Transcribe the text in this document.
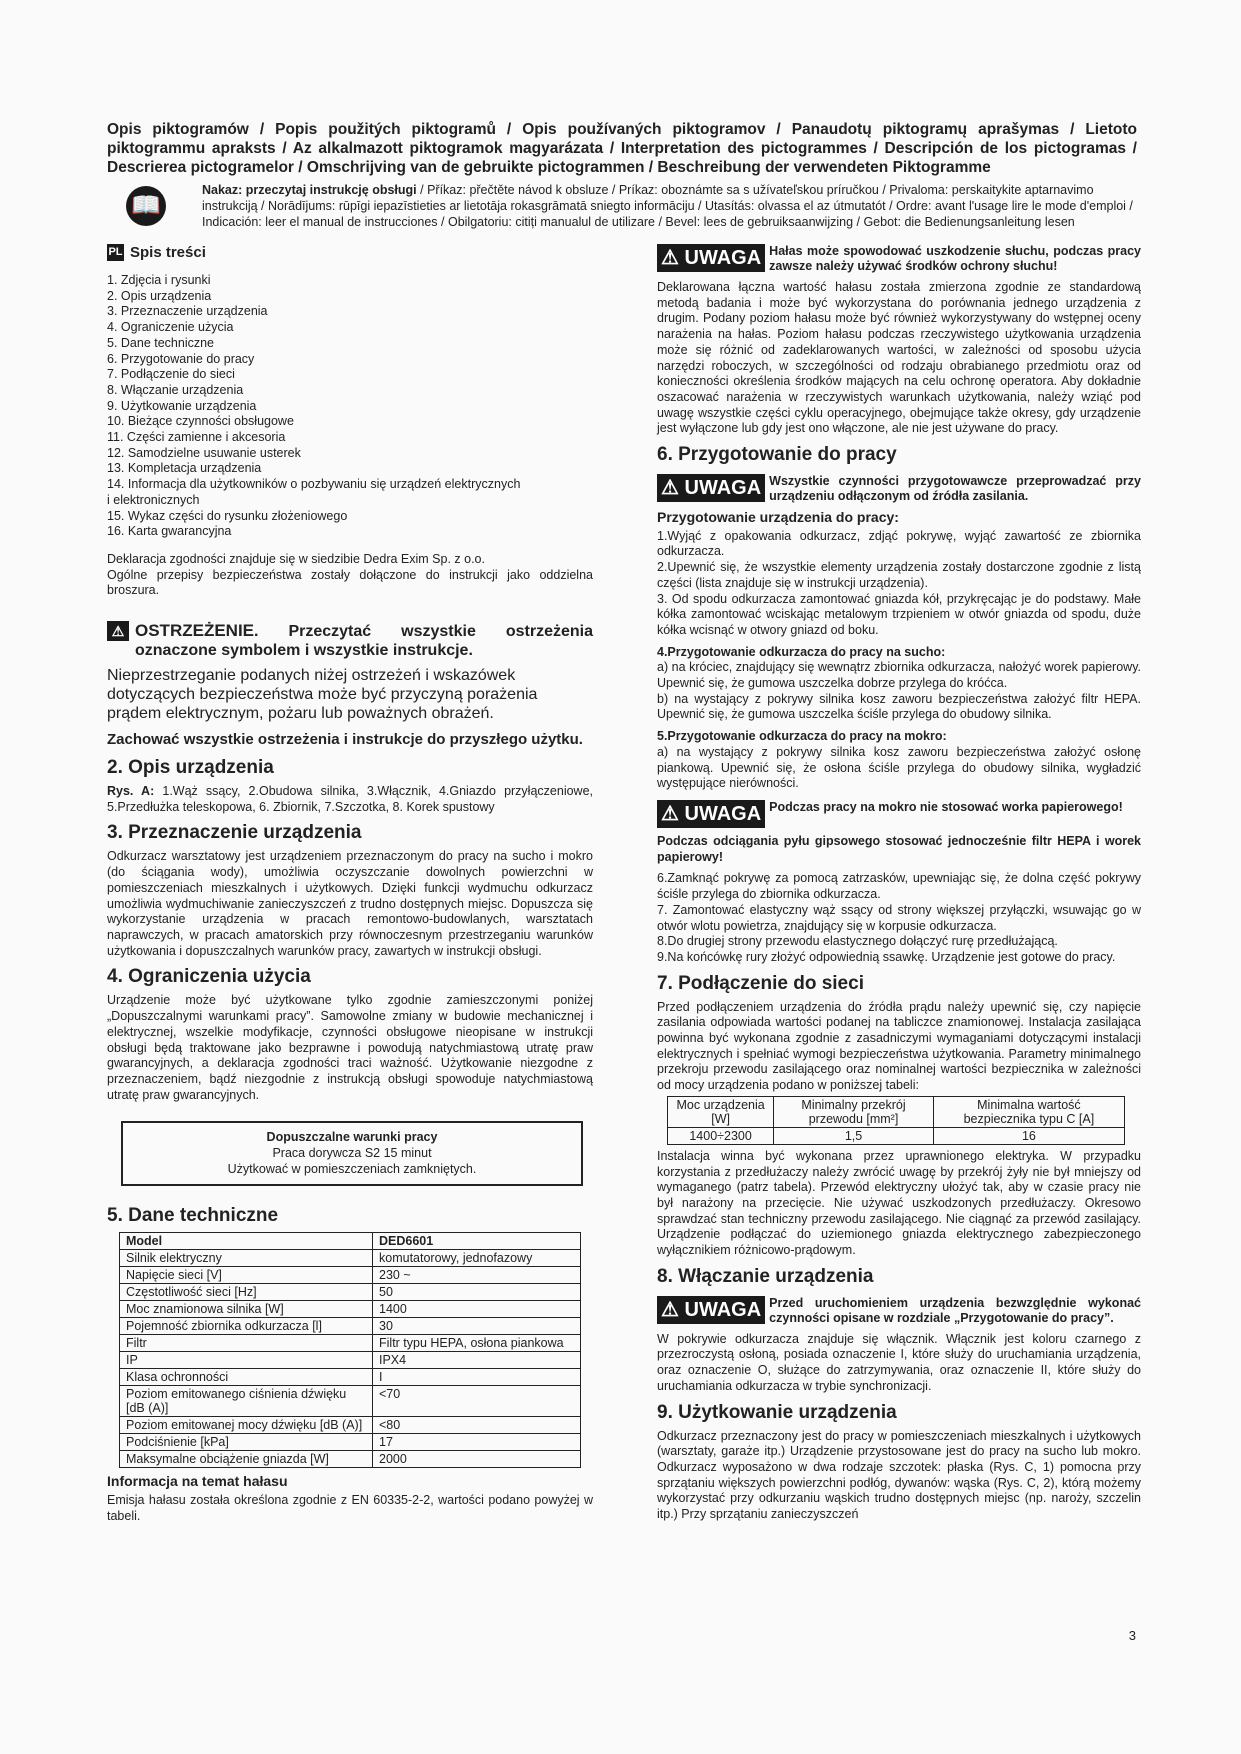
Opis piktogramów / Popis použitých piktogramů / Opis používaných piktogramov / Panaudotų piktogramų aprašymas / Lietoto piktogrammu apraksts / Az alkalmazott piktogramok magyarázata / Interpretation des pictogrammes / Descripción de los pictogramas / Descrierea pictogramelor / Omschrijving van de gebruikte pictogrammen / Beschreibung der verwendeten Piktogramme
📖
Nakaz: przeczytaj instrukcję obsługi / Příkaz: přečtěte návod k obsluze / Príkaz: oboznámte sa s užívateľskou príručkou / Privaloma: perskaitykite aptarnavimo instrukciją / Norādījums: rūpīgi iepazīstieties ar lietotāja rokasgrāmatā sniegto informāciju / Utasítás: olvassa el az útmutatót / Ordre: avant l'usage lire le mode d'emploi / Indicación: leer el manual de instrucciones / Obilgatoriu: citiți manualul de utilizare / Bevel: lees de gebruiksaanwijzing / Gebot: die Bedienungsanleitung lesen
PL Spis treści
1. Zdjęcia i rysunki
2. Opis urządzenia
3. Przeznaczenie urządzenia
4. Ograniczenie użycia
5. Dane techniczne
6. Przygotowanie do pracy
7. Podłączenie do sieci
8. Włączanie urządzenia
9. Użytkowanie urządzenia
10. Bieżące czynności obsługowe
11. Części zamienne i akcesoria
12. Samodzielne usuwanie usterek
13. Kompletacja urządzenia
14. Informacja dla użytkowników o pozbywaniu się urządzeń elektrycznych
i elektronicznych
15. Wykaz części do rysunku złożeniowego
16. Karta gwarancyjna

Deklaracja zgodności znajduje się w siedzibie Dedra Exim Sp. z o.o.

Ogólne przepisy bezpieczeństwa zostały dołączone do instrukcji jako oddzielna broszura.

⚠ OSTRZEŻENIE. Przeczytać wszystkie ostrzeżenia oznaczone symbolem i wszystkie instrukcje.
Nieprzestrzeganie podanych niżej ostrzeżeń i wskazówek dotyczących bezpieczeństwa może być przyczyną porażenia prądem elektrycznym, pożaru lub poważnych obrażeń.
Zachować wszystkie ostrzeżenia i instrukcje do przyszłego użytku.
2. Opis urządzenia

Rys. A: 1.Wąż ssący, 2.Obudowa silnika, 3.Włącznik, 4.Gniazdo przyłączeniowe, 5.Przedłużka teleskopowa, 6. Zbiornik, 7.Szczotka, 8. Korek spustowy

3. Przeznaczenie urządzenia

Odkurzacz warsztatowy jest urządzeniem przeznaczonym do pracy na sucho i mokro (do ściągania wody), umożliwia oczyszczanie dowolnych powierzchni w pomieszczeniach mieszkalnych i użytkowych. Dzięki funkcji wydmuchu odkurzacz umożliwia wydmuchiwanie zanieczyszczeń z trudno dostępnych miejsc. Dopuszcza się wykorzystanie urządzenia w pracach remontowo-budowlanych, warsztatach naprawczych, w pracach amatorskich przy równoczesnym przestrzeganiu warunków użytkowania i dopuszczalnych warunków pracy, zawartych w instrukcji obsługi.

4. Ograniczenia użycia

Urządzenie może być użytkowane tylko zgodnie zamieszczonymi poniżej „Dopuszczalnymi warunkami pracy”. Samowolne zmiany w budowie mechanicznej i elektrycznej, wszelkie modyfikacje, czynności obsługowe nieopisane w instrukcji obsługi będą traktowane jako bezprawne i powodują natychmiastową utratę praw gwarancyjnych, a deklaracja zgodności traci ważność. Użytkowanie niezgodne z przeznaczeniem, bądź niezgodnie z instrukcją obsługi spowoduje natychmiastową utratę praw gwarancyjnych.

Dopuszczalne warunki pracy
Praca dorywcza S2 15 minut
Użytkować w pomieszczeniach zamkniętych.
5. Dane techniczne
Model	DED6601
Silnik elektryczny	komutatorowy, jednofazowy
Napięcie sieci [V]	230 ~
Częstotliwość sieci [Hz]	50
Moc znamionowa silnika [W]	1400
Pojemność zbiornika odkurzacza [l]	30
Filtr	Filtr typu HEPA, osłona piankowa
IP	IPX4
Klasa ochronności	I
Poziom emitowanego ciśnienia dźwięku [dB (A)]	<70
Poziom emitowanej mocy dźwięku [dB (A)]	<80
Podciśnienie [kPa]	17
Maksymalne obciążenie gniazda [W]	2000
Informacja na temat hałasu

Emisja hałasu została określona zgodnie z EN 60335-2-2, wartości podano powyżej w tabeli.

⚠ UWAGA Hałas może spowodować uszkodzenie słuchu, podczas pracy zawsze należy używać środków ochrony słuchu!

Deklarowana łączna wartość hałasu została zmierzona zgodnie ze standardową metodą badania i może być wykorzystana do porównania jednego urządzenia z drugim. Podany poziom hałasu może być również wykorzystywany do wstępnej oceny narażenia na hałas. Poziom hałasu podczas rzeczywistego użytkowania urządzenia może się różnić od zadeklarowanych wartości, w zależności od sposobu użycia narzędzi roboczych, w szczególności od rodzaju obrabianego przedmiotu oraz od konieczności określenia środków mających na celu ochronę operatora. Aby dokładnie oszacować narażenia w rzeczywistych warunkach użytkowania, należy wziąć pod uwagę wszystkie części cyklu operacyjnego, obejmujące także okresy, gdy urządzenie jest wyłączone lub gdy jest ono włączone, ale nie jest używane do pracy.

6. Przygotowanie do pracy
⚠ UWAGA Wszystkie czynności przygotowawcze przeprowadzać przy urządzeniu odłączonym od źródła zasilania.
Przygotowanie urządzenia do pracy:

1.Wyjąć z opakowania odkurzacz, zdjąć pokrywę, wyjąć zawartość ze zbiornika odkurzacza.

2.Upewnić się, że wszystkie elementy urządzenia zostały dostarczone zgodnie z listą części (lista znajduje się w instrukcji urządzenia).

3. Od spodu odkurzacza zamontować gniazda kół, przykręcając je do podstawy. Małe kółka zamontować wciskając metalowym trzpieniem w otwór gniazda od spodu, duże kółka wcisnąć w otwory gniazd od boku.

4.Przygotowanie odkurzacza do pracy na sucho:

a) na króciec, znajdujący się wewnątrz zbiornika odkurzacza, nałożyć worek papierowy. Upewnić się, że gumowa uszczelka dobrze przylega do króćca.

b) na wystający z pokrywy silnika kosz zaworu bezpieczeństwa założyć filtr HEPA. Upewnić się, że gumowa uszczelka ściśle przylega do obudowy silnika.

5.Przygotowanie odkurzacza do pracy na mokro:

a) na wystający z pokrywy silnika kosz zaworu bezpieczeństwa założyć osłonę piankową. Upewnić się, że osłona ściśle przylega do obudowy silnika, wygładzić występujące nierówności.

⚠ UWAGA Podczas pracy na mokro nie stosować worka papierowego!

Podczas odciągania pyłu gipsowego stosować jednocześnie filtr HEPA i worek papierowy!

6.Zamknąć pokrywę za pomocą zatrzasków, upewniając się, że dolna część pokrywy ściśle przylega do zbiornika odkurzacza.

7. Zamontować elastyczny wąż ssący od strony większej przyłączki, wsuwając go w otwór wlotu powietrza, znajdujący się w korpusie odkurzacza.

8.Do drugiej strony przewodu elastycznego dołączyć rurę przedłużającą.

9.Na końcówkę rury złożyć odpowiednią ssawkę. Urządzenie jest gotowe do pracy.

7. Podłączenie do sieci

Przed podłączeniem urządzenia do źródła prądu należy upewnić się, czy napięcie zasilania odpowiada wartości podanej na tabliczce znamionowej. Instalacja zasilająca powinna być wykonana zgodnie z zasadniczymi wymaganiami dotyczącymi instalacji elektrycznych i spełniać wymogi bezpieczeństwa użytkowania. Parametry minimalnego przekroju przewodu zasilającego oraz nominalnej wartości bezpiecznika w zależności od mocy urządzenia podano w poniższej tabeli:

Moc urządzenia [W]	Minimalny przekrój przewodu [mm²]	Minimalna wartość bezpiecznika typu C [A]
1400÷2300	1,5	16

Instalacja winna być wykonana przez uprawnionego elektryka. W przypadku korzystania z przedłużaczy należy zwrócić uwagę by przekrój żyły nie był mniejszy od wymaganego (patrz tabela). Przewód elektryczny ułożyć tak, aby w czasie pracy nie był narażony na przecięcie. Nie używać uszkodzonych przedłużaczy. Okresowo sprawdzać stan techniczny przewodu zasilającego. Nie ciągnąć za przewód zasilający. Urządzenie podłączać do uziemionego gniazda elektrycznego zabezpieczonego wyłącznikiem różnicowo-prądowym.

8. Włączanie urządzenia
⚠ UWAGA Przed uruchomieniem urządzenia bezwzględnie wykonać czynności opisane w rozdziale „Przygotowanie do pracy”.

W pokrywie odkurzacza znajduje się włącznik. Włącznik jest koloru czarnego z przezroczystą osłoną, posiada oznaczenie I, które służy do uruchamiania urządzenia, oraz oznaczenie O, służące do zatrzymywania, oraz oznaczenie II, które służy do uruchamiania odkurzacza w trybie synchronizacji.

9. Użytkowanie urządzenia

Odkurzacz przeznaczony jest do pracy w pomieszczeniach mieszkalnych i użytkowych (warsztaty, garaże itp.) Urządzenie przystosowane jest do pracy na sucho lub mokro. Odkurzacz wyposażono w dwa rodzaje szczotek: płaska (Rys. C, 1) pomocna przy sprzątaniu większych powierzchni podłóg, dywanów: wąska (Rys. C, 2), którą możemy wykorzystać przy odkurzaniu wąskich trudno dostępnych miejsc (np. naroży, szczelin itp.) Przy sprzątaniu zanieczyszczeń

3
